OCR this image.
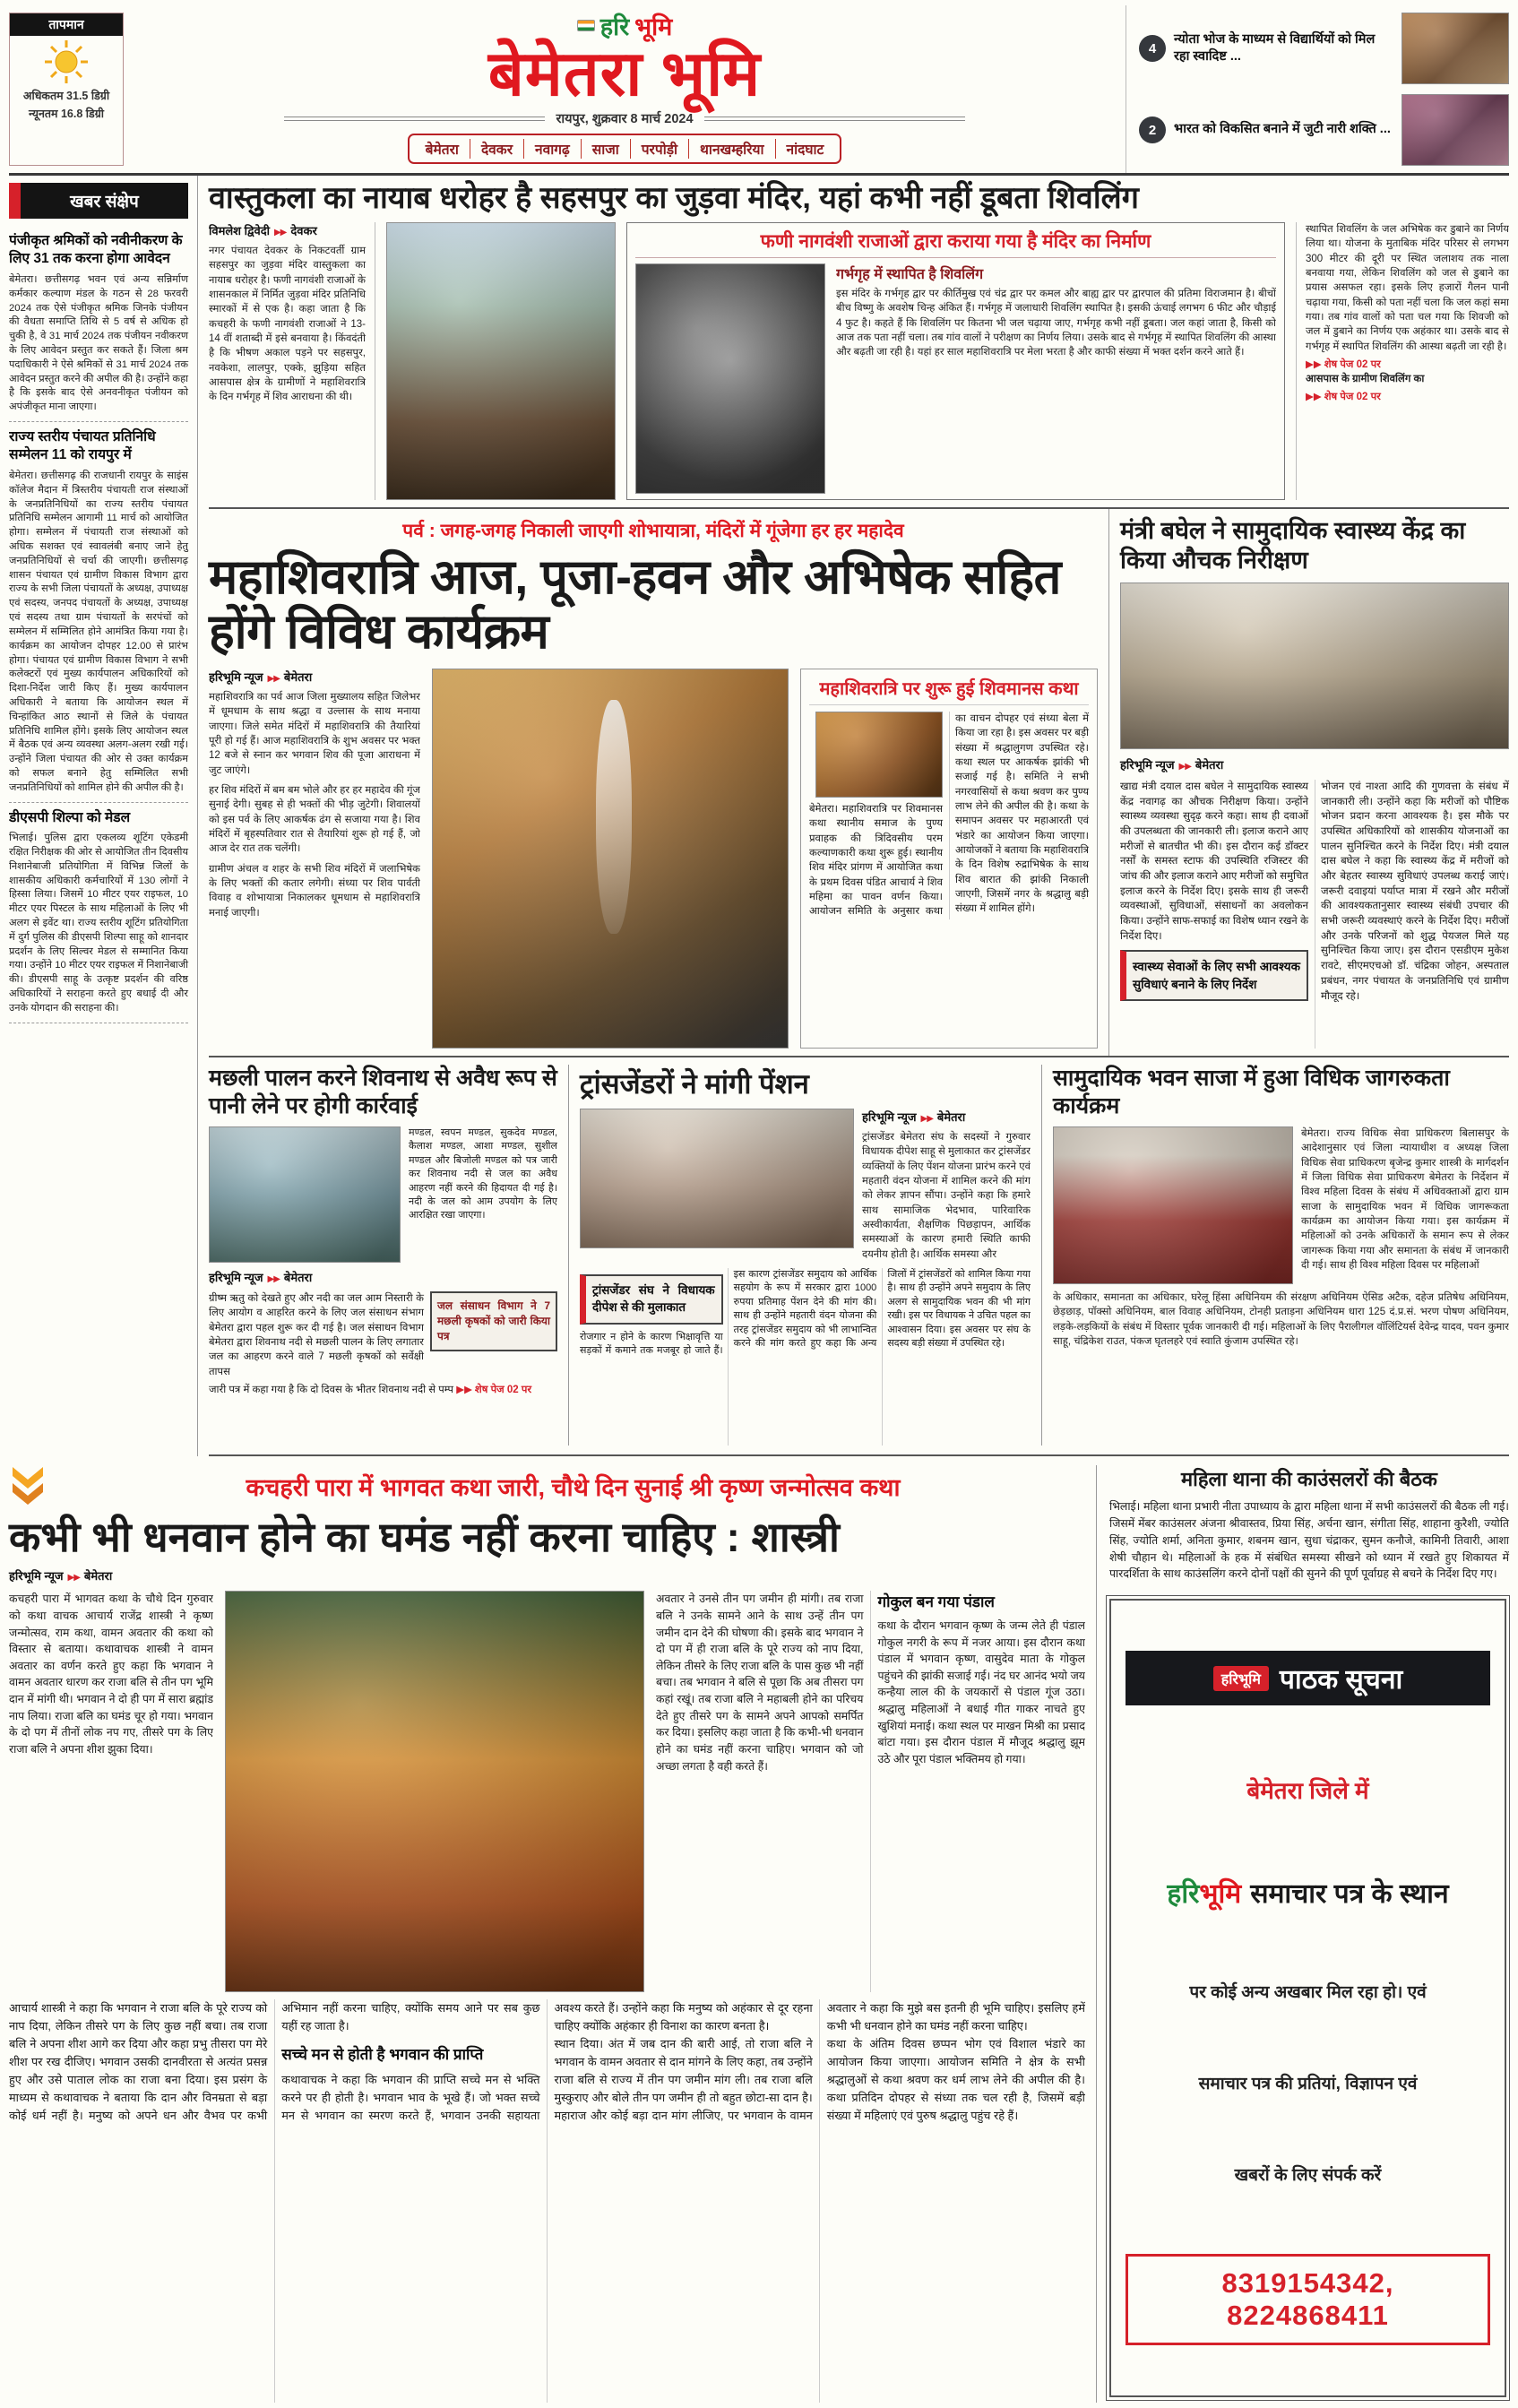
तापमान
अधिकतम 31.5 डिग्री
न्यूनतम 16.8 डिग्री
हरि भूमि
बेमेतरा भूमि
रायपुर, शुक्रवार 8 मार्च 2024
बेमेतरा	देवकर	नवागढ़	साजा	परपोड़ी	थानखम्हरिया	नांदघाट
4
न्योता भोज के माध्यम से विद्यार्थियों को मिल रहा स्वादिष्ट ...
2	भारत को विकसित बनाने में जुटी नारी शक्ति ...
खबर संक्षेप
पंजीकृत श्रमिकों को नवीनीकरण के लिए 31 तक करना होगा आवेदन

बेमेतरा। छत्तीसगढ़ भवन एवं अन्य सन्निर्माण कर्मकार कल्याण मंडल के गठन से 28 फरवरी 2024 तक ऐसे पंजीकृत श्रमिक जिनके पंजीयन की वैधता समाप्ति तिथि से 5 वर्ष से अधिक हो चुकी है, वे 31 मार्च 2024 तक पंजीयन नवीकरण के लिए आवेदन प्रस्तुत कर सकते हैं। जिला श्रम पदाधिकारी ने ऐसे श्रमिकों से 31 मार्च 2024 तक आवेदन प्रस्तुत करने की अपील की है। उन्होंने कहा है कि इसके बाद ऐसे अनवनीकृत पंजीयन को अपंजीकृत माना जाएगा।

राज्य स्तरीय पंचायत प्रतिनिधि सम्मेलन 11 को रायपुर में

बेमेतरा। छत्तीसगढ़ की राजधानी रायपुर के साइंस कॉलेज मैदान में त्रिस्तरीय पंचायती राज संस्थाओं के जनप्रतिनिधियों का राज्य स्तरीय पंचायत प्रतिनिधि सम्मेलन आगामी 11 मार्च को आयोजित होगा। सम्मेलन में पंचायती राज संस्थाओं को अधिक सशक्त एवं स्वावलंबी बनाए जाने हेतु जनप्रतिनिधियों से चर्चा की जाएगी। छत्तीसगढ़ शासन पंचायत एवं ग्रामीण विकास विभाग द्वारा राज्य के सभी जिला पंचायतों के अध्यक्ष, उपाध्यक्ष एवं सदस्य, जनपद पंचायतों के अध्यक्ष, उपाध्यक्ष एवं सदस्य तथा ग्राम पंचायतों के सरपंचों को सम्मेलन में सम्मिलित होने आमंत्रित किया गया है। कार्यक्रम का आयोजन दोपहर 12.00 से प्रारंभ होगा। पंचायत एवं ग्रामीण विकास विभाग ने सभी कलेक्टरों एवं मुख्य कार्यपालन अधिकारियों को दिशा-निर्देश जारी किए हैं। मुख्य कार्यपालन अधिकारी ने बताया कि आयोजन स्थल में चिन्हांकित आठ स्थानों से जिले के पंचायत प्रतिनिधि शामिल होंगे। इसके लिए आयोजन स्थल में बैठक एवं अन्य व्यवस्था अलग-अलग रखी गई। उन्होंने जिला पंचायत की ओर से उक्त कार्यक्रम को सफल बनाने हेतु सम्मिलित सभी जनप्रतिनिधियों को शामिल होने की अपील की है।

डीएसपी शिल्पा को मेडल

भिलाई। पुलिस द्वारा एकलव्य शूटिंग एकेडमी रक्षित निरीक्षक की ओर से आयोजित तीन दिवसीय निशानेबाजी प्रतियोगिता में विभिन्न जिलों के शासकीय अधिकारी कर्मचारियों में 130 लोगों ने हिस्सा लिया। जिसमें 10 मीटर एयर राइफल, 10 मीटर एयर पिस्टल के साथ महिलाओं के लिए भी अलग से इवेंट था। राज्य स्तरीय शूटिंग प्रतियोगिता में दुर्ग पुलिस की डीएसपी शिल्पा साहू को शानदार प्रदर्शन के लिए सिल्वर मेडल से सम्मानित किया गया। उन्होंने 10 मीटर एयर राइफल में निशानेबाजी की। डीएसपी साहू के उत्कृष्ट प्रदर्शन की वरिष्ठ अधिकारियों ने सराहना करते हुए बधाई दी और उनके योगदान की सराहना की।

वास्तुकला का नायाब धरोहर है सहसपुर का जुड़वा मंदिर, यहां कभी नहीं डूबता शिवलिंग
विमलेश द्विवेदी ▶▶ देवकर

नगर पंचायत देवकर के निकटवर्ती ग्राम सहसपुर का जुड़वा मंदिर वास्तुकला का नायाब धरोहर है। फणी नागवंशी राजाओं के शासनकाल में निर्मित जुड़वा मंदिर प्रतिनिधि स्मारकों में से एक है। कहा जाता है कि कचहरी के फणी नागवंशी राजाओं ने 13-14 वीं शताब्दी में इसे बनवाया है। किंवदंती है कि भीषण अकाल पड़ने पर सहसपुर, नवकेशा, लालपुर, एक्के, झुड़िया सहित आसपास क्षेत्र के ग्रामीणों ने महाशिवरात्रि के दिन गर्भगृह में शिव आराधना की थी।

फणी नागवंशी राजाओं द्वारा कराया गया है मंदिर का निर्माण
गर्भगृह में स्थापित है शिवलिंग

इस मंदिर के गर्भगृह द्वार पर कीर्तिमुख एवं चंद्र द्वार पर कमल और बाह्य द्वार पर द्वारपाल की प्रतिमा विराजमान है। बीचों बीच विष्णु के अवशेष चिन्ह अंकित हैं। गर्भगृह में जलाधारी शिवलिंग स्थापित है। इसकी ऊंचाई लगभग 6 फीट और चौड़ाई 4 फुट है। कहते हैं कि शिवलिंग पर कितना भी जल चढ़ाया जाए, गर्भगृह कभी नहीं डूबता। जल कहां जाता है, किसी को आज तक पता नहीं चला। तब गांव वालों ने परीक्षण का निर्णय लिया। उसके बाद से गर्भगृह में स्थापित शिवलिंग की आस्था और बढ़ती जा रही है। यहां हर साल महाशिवरात्रि पर मेला भरता है और काफी संख्या में भक्त दर्शन करने आते हैं।

स्थापित शिवलिंग के जल अभिषेक कर डुबाने का निर्णय लिया था। योजना के मुताबिक मंदिर परिसर से लगभग 300 मीटर की दूरी पर स्थित जलाशय तक नाला बनवाया गया, लेकिन शिवलिंग को जल से डुबाने का प्रयास असफल रहा। इसके लिए हजारों गैलन पानी चढ़ाया गया, किसी को पता नहीं चला कि जल कहां समा गया। तब गांव वालों को पता चल गया कि शिवजी को जल में डुबाने का निर्णय एक अहंकार था। उसके बाद से गर्भगृह में स्थापित शिवलिंग की आस्था बढ़ती जा रही है।

▶▶ शेष पेज 02 पर

आसपास के ग्रामीण शिवलिंग का

▶▶ शेष पेज 02 पर
पर्व : जगह-जगह निकाली जाएगी शोभायात्रा, मंदिरों में गूंजेगा हर हर महादेव
महाशिवरात्रि आज, पूजा-हवन और अभिषेक सहित होंगे विविध कार्यक्रम
हरिभूमि न्यूज ▶▶ बेमेतरा

महाशिवरात्रि का पर्व आज जिला मुख्यालय सहित जिलेभर में धूमधाम के साथ श्रद्धा व उल्लास के साथ मनाया जाएगा। जिले समेत मंदिरों में महाशिवरात्रि की तैयारियां पूरी हो गई हैं। आज महाशिवरात्रि के शुभ अवसर पर भक्त 12 बजे से स्नान कर भगवान शिव की पूजा आराधना में जुट जाएंगे।

हर शिव मंदिरों में बम बम भोले और हर हर महादेव की गूंज सुनाई देगी। सुबह से ही भक्तों की भीड़ जुटेगी। शिवालयों को इस पर्व के लिए आकर्षक ढंग से सजाया गया है। शिव मंदिरों में बृहस्पतिवार रात से तैयारियां शुरू हो गई हैं, जो आज देर रात तक चलेंगी।

ग्रामीण अंचल व शहर के सभी शिव मंदिरों में जलाभिषेक के लिए भक्तों की कतार लगेगी। संध्या पर शिव पार्वती विवाह व शोभायात्रा निकालकर धूमधाम से महाशिवरात्रि मनाई जाएगी।

महाशिवरात्रि पर शुरू हुई शिवमानस कथा
बेमेतरा। महाशिवरात्रि पर शिवमानस कथा स्थानीय समाज के पुण्य प्रवाहक की त्रिदिवसीय परम कल्याणकारी कथा शुरू हुई। स्थानीय शिव मंदिर प्रांगण में आयोजित कथा के प्रथम दिवस पंडित आचार्य ने शिव महिमा का पावन वर्णन किया। आयोजन समिति के अनुसार कथा का वाचन दोपहर एवं संध्या बेला में किया जा रहा है। इस अवसर पर बड़ी संख्या में श्रद्धालुगण उपस्थित रहे। कथा स्थल पर आकर्षक झांकी भी सजाई गई है। समिति ने सभी नगरवासियों से कथा श्रवण कर पुण्य लाभ लेने की अपील की है। कथा के समापन अवसर पर महाआरती एवं भंडारे का आयोजन किया जाएगा। आयोजकों ने बताया कि महाशिवरात्रि के दिन विशेष रुद्राभिषेक के साथ शिव बारात की झांकी निकाली जाएगी, जिसमें नगर के श्रद्धालु बड़ी संख्या में शामिल होंगे।
मंत्री बघेल ने सामुदायिक स्वास्थ्य केंद्र का किया औचक निरीक्षण
हरिभूमि न्यूज ▶▶ बेमेतरा

खाद्य मंत्री दयाल दास बघेल ने सामुदायिक स्वास्थ्य केंद्र नवागढ़ का औचक निरीक्षण किया। उन्होंने स्वास्थ्य व्यवस्था सुदृढ़ करने कहा। साथ ही दवाओं की उपलब्धता की जानकारी ली। इलाज कराने आए मरीजों से बातचीत भी की। इस दौरान कई डॉक्टर नर्सों के समस्त स्टाफ की उपस्थिति रजिस्टर की जांच की और इलाज कराने आए मरीजों को समुचित इलाज करने के निर्देश दिए। इसके साथ ही जरूरी व्यवस्थाओं, सुविधाओं, संसाधनों का अवलोकन किया। उन्होंने साफ-सफाई का विशेष ध्यान रखने के निर्देश दिए।

स्वास्थ्य सेवाओं के लिए सभी आवश्यक सुविधाएं बनाने के लिए निर्देश

भोजन एवं नाश्ता आदि की गुणवत्ता के संबंध में जानकारी ली। उन्होंने कहा कि मरीजों को पौष्टिक भोजन प्रदान करना आवश्यक है। इस मौके पर उपस्थित अधिकारियों को शासकीय योजनाओं का पालन सुनिश्चित करने के निर्देश दिए। मंत्री दयाल दास बघेल ने कहा कि स्वास्थ्य केंद्र में मरीजों को और बेहतर स्वास्थ्य सुविधाएं उपलब्ध कराई जाएं। जरूरी दवाइयां पर्याप्त मात्रा में रखने और मरीजों की आवश्यकतानुसार स्वास्थ्य संबंधी उपचार की सभी जरूरी व्यवस्थाएं करने के निर्देश दिए। मरीजों और उनके परिजनों को शुद्ध पेयजल मिले यह सुनिश्चित किया जाए। इस दौरान एसडीएम मुकेश रावटे, सीएमएचओ डॉ. चंद्रिका जोहन, अस्पताल प्रबंधन, नगर पंचायत के जनप्रतिनिधि एवं ग्रामीण मौजूद रहे।

मछली पालन करने शिवनाथ से अवैध रूप से पानी लेने पर होगी कार्रवाई

मण्डल, स्वपन मण्डल, सुकदेव मण्डल, कैलाश मण्डल, आशा मण्डल, सुशील मण्डल और बिजोली मण्डल को पत्र जारी कर शिवनाथ नदी से जल का अवैध आहरण नहीं करने की हिदायत दी गई है। नदी के जल को आम उपयोग के लिए आरक्षित रखा जाएगा।

हरिभूमि न्यूज ▶▶ बेमेतरा
जल संसाधन विभाग ने 7 मछली कृषकों को जारी किया पत्र
ग्रीष्म ऋतु को देखते हुए और नदी का जल आम निस्तारी के लिए आयोग व आहरित करने के लिए जल संसाधन संभाग बेमेतरा द्वारा पहल शुरू कर दी गई है। जल संसाधन विभाग बेमेतरा द्वारा शिवनाथ नदी से मछली पालन के लिए लगातार जल का आहरण करने वाले 7 मछली कृषकों को सर्वेक्षी तापस

जारी पत्र में कहा गया है कि दो दिवस के भीतर शिवनाथ नदी से पम्प ▶▶ शेष पेज 02 पर

ट्रांसजेंडरों ने मांगी पेंशन
हरिभूमि न्यूज ▶▶ बेमेतरा

ट्रांसजेंडर बेमेतरा संघ के सदस्यों ने गुरुवार विधायक दीपेश साहू से मुलाकात कर ट्रांसजेंडर व्यक्तियों के लिए पेंशन योजना प्रारंभ करने एवं महतारी वंदन योजना में शामिल करने की मांग को लेकर ज्ञापन सौंपा। उन्होंने कहा कि हमारे साथ सामाजिक भेदभाव, पारिवारिक अस्वीकार्यता, शैक्षणिक पिछड़ापन, आर्थिक समस्याओं के कारण हमारी स्थिति काफी दयनीय होती है। आर्थिक समस्या और

ट्रांसजेंडर संघ ने विधायक दीपेश से की मुलाकात

रोजगार न होने के कारण भिक्षावृत्ति या सड़कों में कमाने तक मजबूर हो जाते हैं। इस कारण ट्रांसजेंडर समुदाय को आर्थिक सहयोग के रूप में सरकार द्वारा 1000 रुपया प्रतिमाह पेंशन देने की मांग की। साथ ही उन्होंने महतारी वंदन योजना की तरह ट्रांसजेंडर समुदाय को भी लाभान्वित करने की मांग करते हुए कहा कि अन्य जिलों में ट्रांसजेंडरों को शामिल किया गया है। साथ ही उन्होंने अपने समुदाय के लिए अलग से सामुदायिक भवन की भी मांग रखी। इस पर विधायक ने उचित पहल का आश्वासन दिया। इस अवसर पर संघ के सदस्य बड़ी संख्या में उपस्थित रहे।

सामुदायिक भवन साजा में हुआ विधिक जागरुकता कार्यक्रम

बेमेतरा। राज्य विधिक सेवा प्राधिकरण बिलासपुर के आदेशानुसार एवं जिला न्यायाधीश व अध्यक्ष जिला विधिक सेवा प्राधिकरण बृजेन्द्र कुमार शास्त्री के मार्गदर्शन में जिला विधिक सेवा प्राधिकरण बेमेतरा के निर्देशन में विश्व महिला दिवस के संबंध में अधिवक्ताओं द्वारा ग्राम साजा के सामुदायिक भवन में विधिक जागरूकता कार्यक्रम का आयोजन किया गया। इस कार्यक्रम में महिलाओं को उनके अधिकारों के समान रूप से लेकर जागरूक किया गया और समानता के संबंध में जानकारी दी गई। साथ ही विश्व महिला दिवस पर महिलाओं

के अधिकार, समानता का अधिकार, घरेलू हिंसा अधिनियम की संरक्षण अधिनियम ऐसिड अटैक, दहेज प्रतिषेध अधिनियम, छेड़छाड़, पॉक्सो अधिनियम, बाल विवाह अधिनियम, टोनही प्रताड़ना अधिनियम धारा 125 दं.प्र.सं. भरण पोषण अधिनियम, लड़के-लड़कियों के संबंध में विस्तार पूर्वक जानकारी दी गई। महिलाओं के लिए पैरालीगल वॉलिंटियर्स देवेन्द्र यादव, पवन कुमार साहू, चंद्रिकेश राउत, पंकज घृतलहरे एवं स्वाति कुंजाम उपस्थित रहे।

कचहरी पारा में भागवत कथा जारी, चौथे दिन सुनाई श्री कृष्ण जन्मोत्सव कथा
कभी भी धनवान होने का घमंड नहीं करना चाहिए : शास्त्री
हरिभूमि न्यूज ▶▶ बेमेतरा

कचहरी पारा में भागवत कथा के चौथे दिन गुरुवार को कथा वाचक आचार्य राजेंद्र शास्त्री ने कृष्ण जन्मोत्सव, राम कथा, वामन अवतार की कथा को विस्तार से बताया। कथावाचक शास्त्री ने वामन अवतार का वर्णन करते हुए कहा कि भगवान ने वामन अवतार धारण कर राजा बलि से तीन पग भूमि दान में मांगी थी। भगवान ने दो ही पग में सारा ब्रह्मांड नाप लिया। राजा बलि का घमंड चूर हो गया। भगवान के दो पग में तीनों लोक नप गए, तीसरे पग के लिए राजा बलि ने अपना शीश झुका दिया।

अवतार ने उनसे तीन पग जमीन ही मांगी। तब राजा बलि ने उनके सामने आने के साथ उन्हें तीन पग जमीन दान देने की घोषणा की। इसके बाद भगवान ने दो पग में ही राजा बलि के पूरे राज्य को नाप दिया, लेकिन तीसरे के लिए राजा बलि के पास कुछ भी नहीं बचा। तब भगवान ने बलि से पूछा कि अब तीसरा पग कहां रखूं। तब राजा बलि ने महाबली होने का परिचय देते हुए तीसरे पग के सामने अपने आपको समर्पित कर दिया। इसलिए कहा जाता है कि कभी-भी धनवान होने का घमंड नहीं करना चाहिए। भगवान को जो अच्छा लगता है वही करते हैं।

गोकुल बन गया पंडाल

कथा के दौरान भगवान कृष्ण के जन्म लेते ही पंडाल गोकुल नगरी के रूप में नजर आया। इस दौरान कथा पंडाल में भगवान कृष्ण, वासुदेव माता के गोकुल पहुंचने की झांकी सजाई गई। नंद घर आनंद भयो जय कन्हैया लाल की के जयकारों से पंडाल गूंज उठा। श्रद्धालु महिलाओं ने बधाई गीत गाकर नाचते हुए खुशियां मनाई। कथा स्थल पर माखन मिश्री का प्रसाद बांटा गया। इस दौरान पंडाल में मौजूद श्रद्धालु झूम उठे और पूरा पंडाल भक्तिमय हो गया।

आचार्य शास्त्री ने कहा कि भगवान ने राजा बलि के पूरे राज्य को नाप दिया, लेकिन तीसरे पग के लिए कुछ नहीं बचा। तब राजा बलि ने अपना शीश आगे कर दिया और कहा प्रभु तीसरा पग मेरे शीश पर रख दीजिए। भगवान उसकी दानवीरता से अत्यंत प्रसन्न हुए और उसे पाताल लोक का राजा बना दिया। इस प्रसंग के माध्यम से कथावाचक ने बताया कि दान और विनम्रता से बड़ा कोई धर्म नहीं है। मनुष्य को अपने धन और वैभव पर कभी अभिमान नहीं करना चाहिए, क्योंकि समय आने पर सब कुछ यहीं रह जाता है।

सच्चे मन से होती है भगवान की प्राप्ति

कथावाचक ने कहा कि भगवान की प्राप्ति सच्चे मन से भक्ति करने पर ही होती है। भगवान भाव के भूखे हैं। जो भक्त सच्चे मन से भगवान का स्मरण करते हैं, भगवान उनकी सहायता अवश्य करते हैं। उन्होंने कहा कि मनुष्य को अहंकार से दूर रहना चाहिए क्योंकि अहंकार ही विनाश का कारण बनता है।

स्थान दिया। अंत में जब दान की बारी आई, तो राजा बलि ने भगवान के वामन अवतार से दान मांगने के लिए कहा, तब उन्होंने राजा बलि से राज्य में तीन पग जमीन मांग ली। तब राजा बलि मुस्कुराए और बोले तीन पग जमीन ही तो बहुत छोटा-सा दान है। महाराज और कोई बड़ा दान मांग लीजिए, पर भगवान के वामन अवतार ने कहा कि मुझे बस इतनी ही भूमि चाहिए। इसलिए हमें कभी भी धनवान होने का घमंड नहीं करना चाहिए।

कथा के अंतिम दिवस छप्पन भोग एवं विशाल भंडारे का आयोजन किया जाएगा। आयोजन समिति ने क्षेत्र के सभी श्रद्धालुओं से कथा श्रवण कर धर्म लाभ लेने की अपील की है। कथा प्रतिदिन दोपहर से संध्या तक चल रही है, जिसमें बड़ी संख्या में महिलाएं एवं पुरुष श्रद्धालु पहुंच रहे हैं।

महिला थाना की काउंसलरों की बैठक

भिलाई। महिला थाना प्रभारी नीता उपाध्याय के द्वारा महिला थाना में सभी काउंसलरों की बैठक ली गई। जिसमें मेंबर काउंसलर अंजना श्रीवास्तव, प्रिया सिंह, अर्चना खान, संगीता सिंह, शाहाना कुरैशी, ज्योति सिंह, ज्योति शर्मा, अनिता कुमार, शबनम खान, सुधा चंद्राकर, सुमन कनौजे, कामिनी तिवारी, आशा शेषी चौहान थे। महिलाओं के हक में संबंधित समस्या सीखने को ध्यान में रखते हुए शिकायत में पारदर्शिता के साथ काउंसलिंग करने दोनों पक्षों की सुनने की पूर्ण पूर्वाग्रह से बचने के निर्देश दिए गए।

हरिभूमि पाठक सूचना
बेमेतरा जिले में
हरिभूमि समाचार पत्र के स्थान
पर कोई अन्य अखबार मिल रहा हो। एवं
समाचार पत्र की प्रतियां, विज्ञापन एवं
खबरों के लिए संपर्क करें
8319154342, 8224868411
